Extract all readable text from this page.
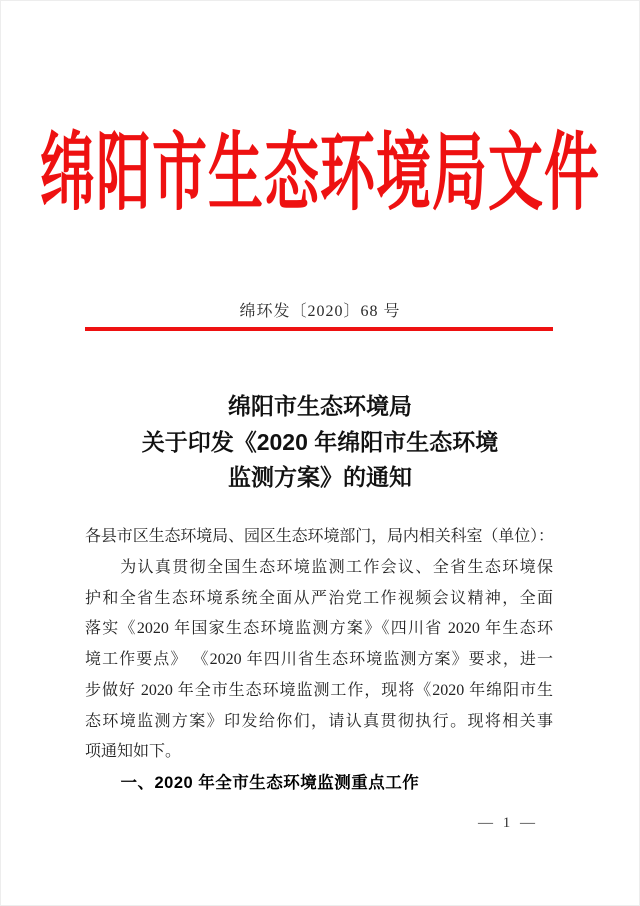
绵阳市生态环境局文件
绵环发〔2020〕68 号
绵阳市生态环境局
关于印发《2020 年绵阳市生态环境
监测方案》的通知
各县市区生态环境局、园区生态环境部门，局内相关科室（单位）：
为认真贯彻全国生态环境监测工作会议、全省生态环境保
护和全省生态环境系统全面从严治党工作视频会议精神，全面
落实《2020 年国家生态环境监测方案》《四川省 2020 年生态环
境工作要点》 《2020 年四川省生态环境监测方案》要求，进一
步做好 2020 年全市生态环境监测工作，现将《2020 年绵阳市生
态环境监测方案》印发给你们，请认真贯彻执行。现将相关事
项通知如下。
一、2020 年全市生态环境监测重点工作
— 1 —
